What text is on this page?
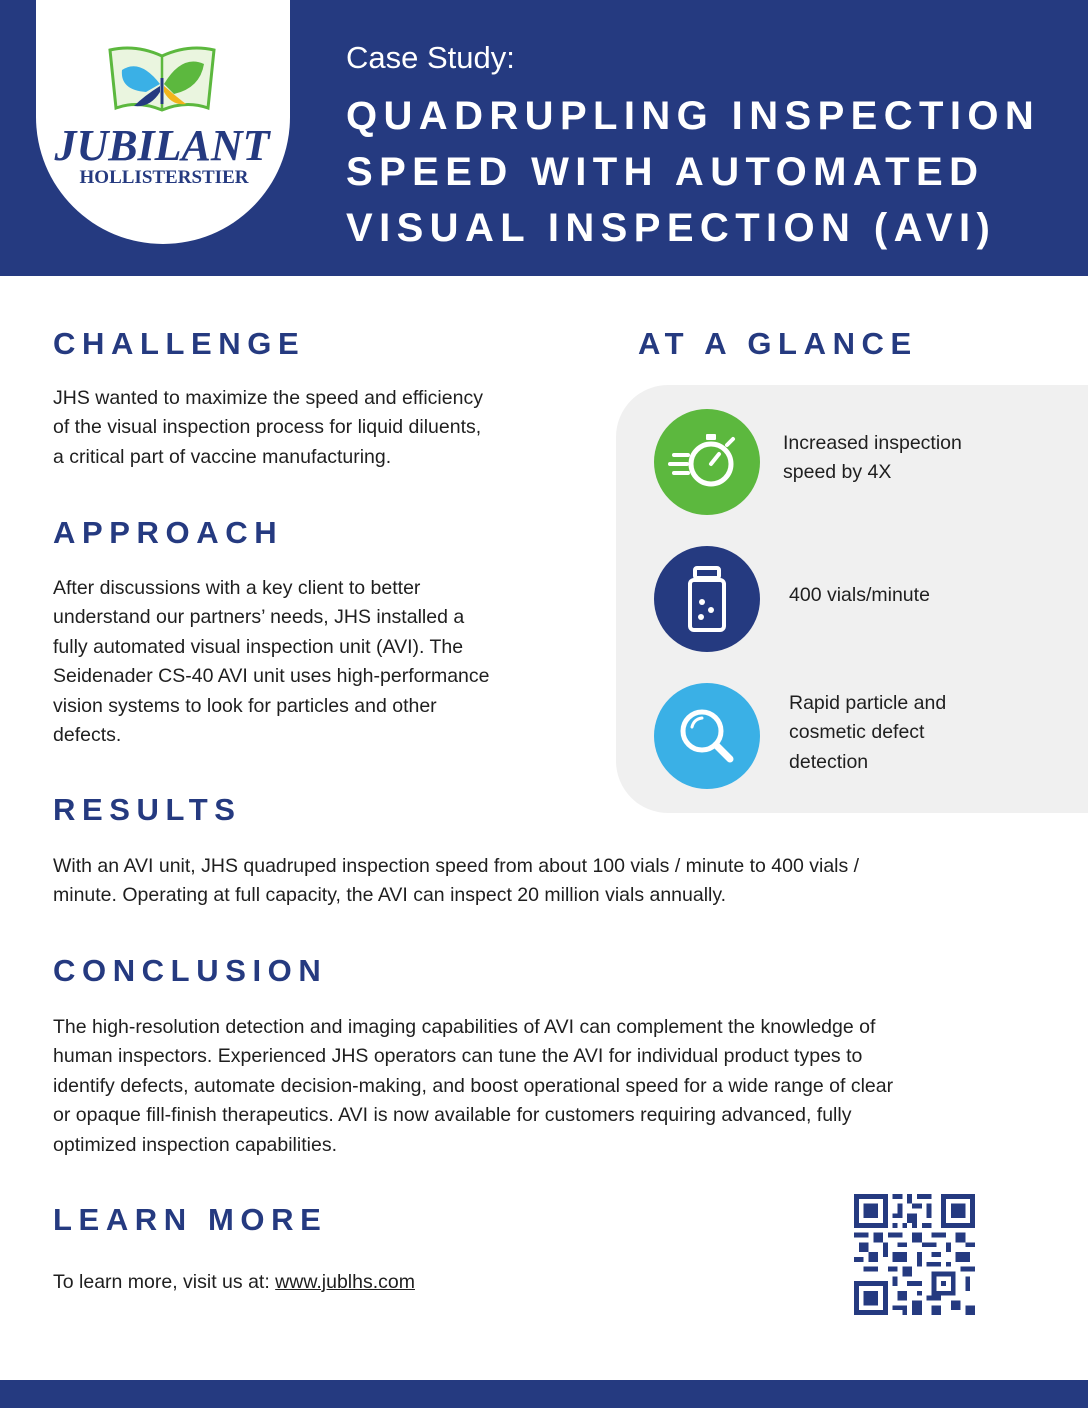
JUBILANT
HOLLISTERSTIER
Case Study:
QUADRUPLING INSPECTION
SPEED WITH AUTOMATED
VISUAL INSPECTION (AVI)
CHALLENGE
JHS wanted to maximize the speed and efficiency
of the visual inspection process for liquid diluents,
a critical part of vaccine manufacturing.
APPROACH
After discussions with a key client to better
understand our partners’ needs, JHS installed a
fully automated visual inspection unit (AVI). The
Seidenader CS-40 AVI unit uses high-performance
vision systems to look for particles and other
defects.
AT A GLANCE
Increased inspection
speed by 4X
400 vials/minute
Rapid particle and
cosmetic defect
detection
RESULTS
With an AVI unit, JHS quadruped inspection speed from about 100 vials / minute to 400 vials /
minute. Operating at full capacity, the AVI can inspect 20 million vials annually.
CONCLUSION
The high-resolution detection and imaging capabilities of AVI can complement the knowledge of
human inspectors. Experienced JHS operators can tune the AVI for individual product types to
identify defects, automate decision-making, and boost operational speed for a wide range of clear
or opaque fill-finish therapeutics. AVI is now available for customers requiring advanced, fully
optimized inspection capabilities.
LEARN MORE
To learn more, visit us at: www.jublhs.com
